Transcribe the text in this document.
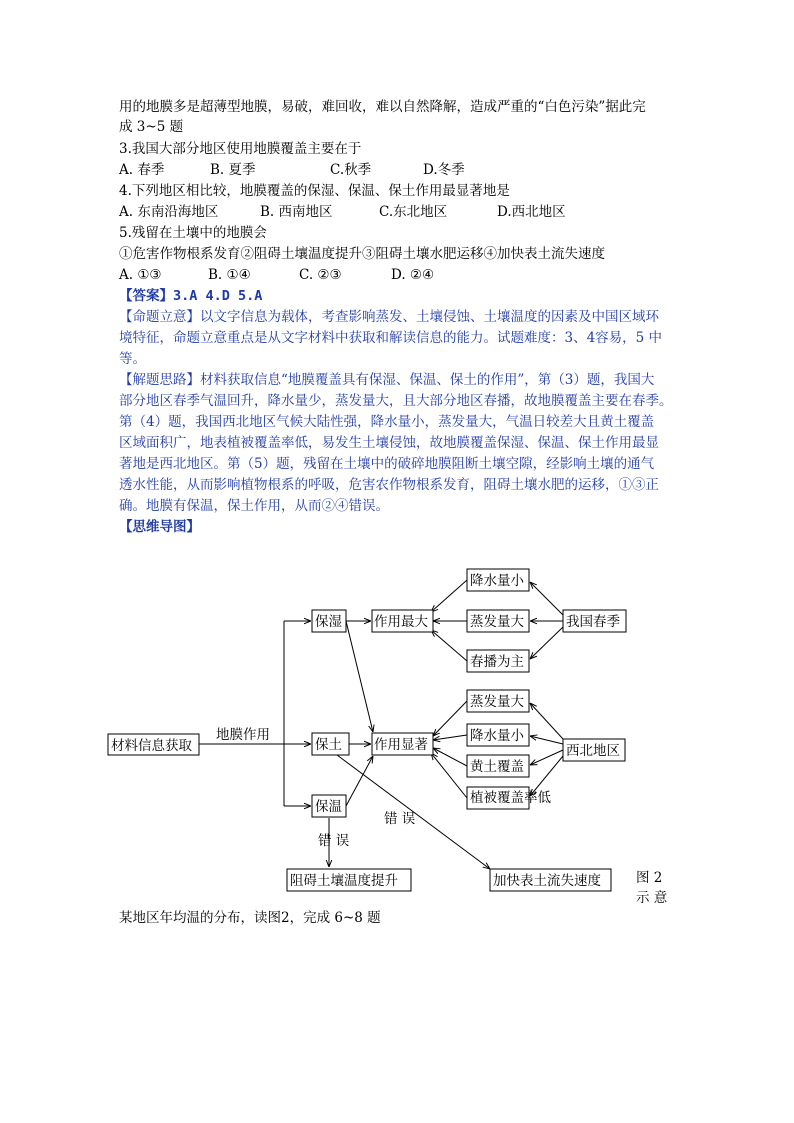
用的地膜多是超薄型地膜，易破，难回收，难以自然降解，造成严重的“白色污染”据此完
成 3~5 题
3.我国大部分地区使用地膜覆盖主要在于
A. 春季	B. 夏季	C.秋季	D.冬季
4.下列地区相比较，地膜覆盖的保湿、保温、保土作用最显著地是
A. 东南沿海地区	B. 西南地区	C.东北地区	D.西北地区
5.残留在土壤中的地膜会
①危害作物根系发育②阻碍土壤温度提升③阻碍土壤水肥运移④加快表土流失速度
A. ①③	B. ①④	C. ②③	D. ②④
【答案】3.A 4.D 5.A
【命题立意】以文字信息为载体，考查影响蒸发、土壤侵蚀、土壤温度的因素及中国区域环
境特征，命题立意重点是从文字材料中获取和解读信息的能力。试题难度：3、4容易，5 中
等。
【解题思路】材料获取信息“地膜覆盖具有保湿、保温、保土的作用”，第（3）题，我国大
部分地区春季气温回升，降水量少，蒸发量大，且大部分地区春播，故地膜覆盖主要在春季。
第（4）题，我国西北地区气候大陆性强，降水量小，蒸发量大，气温日较差大且黄土覆盖
区域面积广，地表植被覆盖率低，易发生土壤侵蚀，故地膜覆盖保湿、保温、保土作用最显
著地是西北地区。第（5）题，残留在土壤中的破碎地膜阻断土壤空隙，经影响土壤的通气
透水性能，从而影响植物根系的呼吸，危害农作物根系发育，阻碍土壤水肥的运移，①③正
确。地膜有保温，保土作用，从而②④错误。
【思维导图】
材料信息获取
地膜作用
保湿
保土
保温
作用最大
作用显著
降水量小
蒸发量大
春播为主
蒸发量大
降水量小
黄土覆盖
植被覆盖率低
我国春季
西北地区
错 误
错 误
阻碍土壤温度提升	加快表土流失速度	图 2
示 意
某地区年均温的分布，读图2，完成 6~8 题
